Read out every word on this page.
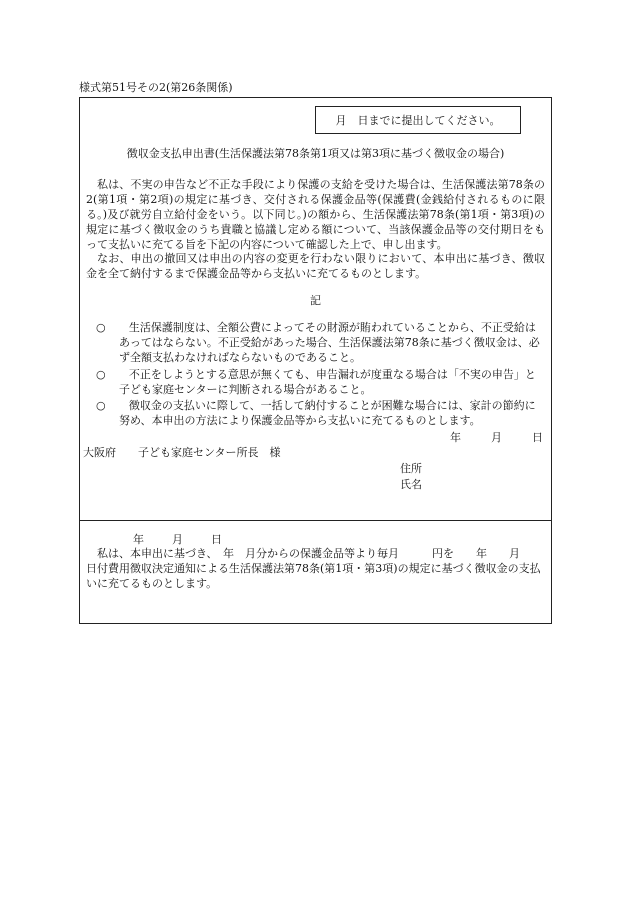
様式第51号その2(第26条関係)
月　日までに提出してください。
徴収金支払申出書(生活保護法第78条第1項又は第3項に基づく徴収金の場合)

私は、不実の申告など不正な手段により保護の支給を受けた場合は、生活保護法第78条の2(第1項・第2項)の規定に基づき、交付される保護金品等(保護費(金銭給付されるものに限る。)及び就労自立給付金をいう。以下同じ。)の額から、生活保護法第78条(第1項・第3項)の規定に基づく徴収金のうち貴職と協議し定める額について、当該保護金品等の交付期日をもって支払いに充てる旨を下記の内容について確認した上で、申し出ます。

なお、申出の撤回又は申出の内容の変更を行わない限りにおいて、本申出に基づき、徴収金を全て納付するまで保護金品等から支払いに充てるものとします。

記
○	生活保護制度は、全額公費によってその財源が賄われていることから、不正受給はあってはならない。不正受給があった場合、生活保護法第78条に基づく徴収金は、必ず全額支払わなければならないものであること。

○	不正をしようとする意思が無くても、申告漏れが度重なる場合は「不実の申告」と子ども家庭センターに判断される場合があること。

○	徴収金の支払いに際して、一括して納付することが困難な場合には、家計の節約に努め、本申出の方法により保護金品等から支払いに充てるものとします。

年	月	日
大阪府　　子ども家庭センター所長　様
住所
氏名
年	月	日

私は、本申出に基づき、　年　月分からの保護金品等より毎月　　　円を　　年　　月
日付費用徴収決定通知による生活保護法第78条(第1項・第3項)の規定に基づく徴収金の支払いに充てるものとします。
